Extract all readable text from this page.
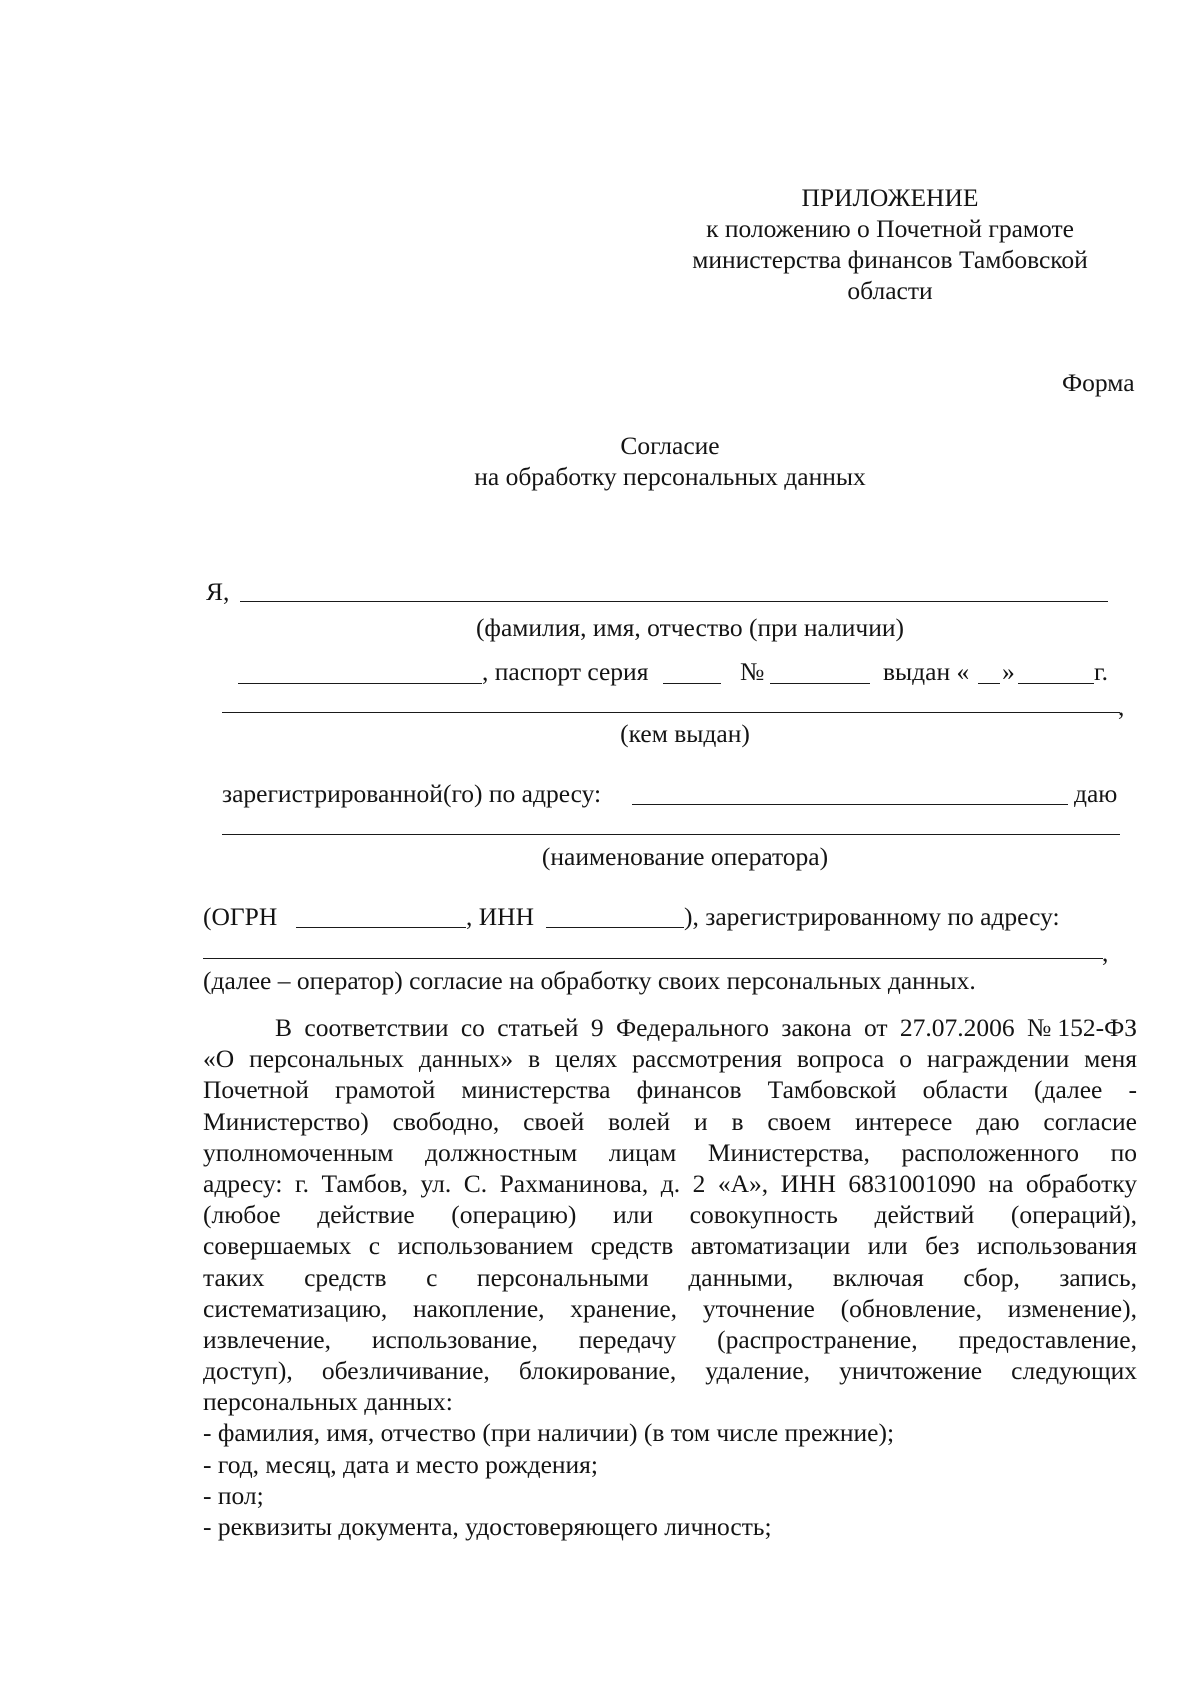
ПРИЛОЖЕНИЕ
к положению о Почетной грамоте
министерства финансов Тамбовской
области
Форма
Согласие
на обработку персональных данных
Я,
(фамилия, имя, отчество (при наличии)
, паспорт серия	№	выдан « »	г.
,
(кем выдан)
зарегистрированной(го) по адресу:	даю
(наименование оператора)
(ОГРН	, ИНН	), зарегистрированному по адресу:
,
(далее – оператор) согласие на обработку своих персональных данных.
В соответствии со статьей 9 Федерального закона от 27.07.2006 №152-ФЗ
«О персональных данных» в целях рассмотрения вопроса о награждении меня
Почетной грамотой министерства финансов Тамбовской области (далее -
Министерство) свободно, своей волей и в своем интересе даю согласие
уполномоченным должностным лицам Министерства, расположенного по
адресу: г. Тамбов, ул. С. Рахманинова, д. 2 «А», ИНН 6831001090 на обработку
(любое действие (операцию) или совокупность действий (операций),
совершаемых с использованием средств автоматизации или без использования
таких средств с персональными данными, включая сбор, запись,
систематизацию, накопление, хранение, уточнение (обновление, изменение),
извлечение, использование, передачу (распространение, предоставление,
доступ), обезличивание, блокирование, удаление, уничтожение следующих
персональных данных:
- фамилия, имя, отчество (при наличии) (в том числе прежние);
- год, месяц, дата и место рождения;
- пол;
- реквизиты документа, удостоверяющего личность;
